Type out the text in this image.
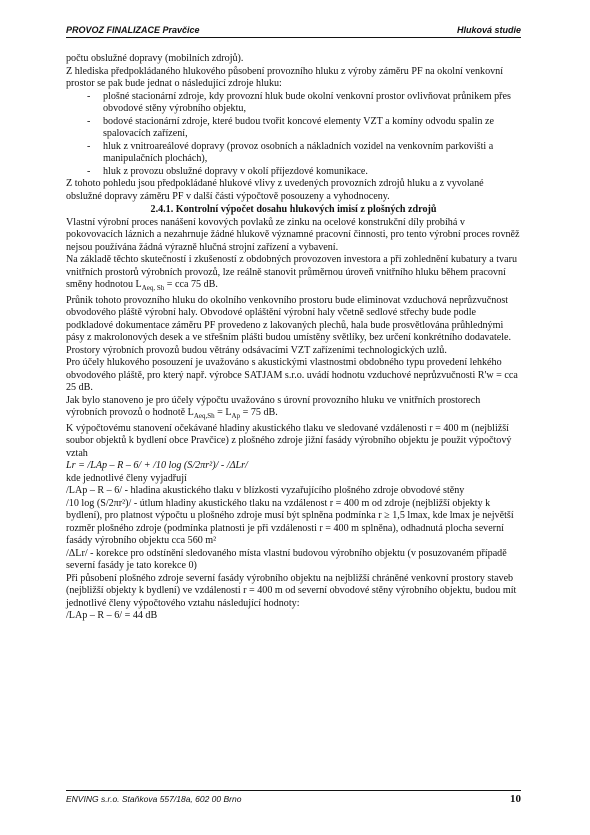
PROVOZ FINALIZACE Pravčice	Hluková studie

počtu obslužné dopravy (mobilních zdrojů).

Z hlediska předpokládaného hlukového působení provozního hluku z výroby záměru PF na okolní venkovní prostor se pak bude jednat o následující zdroje hluku:

- plošné stacionární zdroje, kdy provozní hluk bude okolní venkovní prostor ovlivňovat průnikem přes obvodové stěny výrobního objektu,
- bodové stacionární zdroje, které budou tvořit koncové elementy VZT a komíny odvodu spalin ze spalovacích zařízení,
- hluk z vnitroareálové dopravy (provoz osobních a nákladních vozidel na venkovním parkovišti a manipulačních plochách),
- hluk z provozu obslužné dopravy v okolí příjezdové komunikace.

Z tohoto pohledu jsou předpokládané hlukové vlivy z uvedených provozních zdrojů hluku a z vyvolané obslužné dopravy záměru PF v další části výpočtově posouzeny a vyhodnoceny.

2.4.1. Kontrolní výpočet dosahu hlukových imisí z plošných zdrojů

Vlastní výrobní proces nanášení kovových povlaků ze zinku na ocelové konstrukční díly probíhá v pokovovacích láznich a nezahrnuje žádné hlukově významné pracovní činnosti, pro tento výrobní proces rovněž nejsou používána žádná výrazně hlučná strojní zařízení a vybavení.

Na základě těchto skutečností i zkušeností z obdobných provozoven investora a při zohlednění kubatury a tvaru vnitřních prostorů výrobních provozů, lze reálně stanovit průměrnou úroveň vnitřního hluku během pracovní směny hodnotou $L_{Aeq, Sh}$ = cca 75 dB.

Průnik tohoto provozního hluku do okolního venkovního prostoru bude eliminovat vzduchová neprůzvučnost obvodového pláště výrobní haly. Obvodové opláštění výrobní haly včetně sedlové střechy bude podle podkladové dokumentace záměru PF provedeno z lakovaných plechů, hala bude prosvětlována průhlednými pásy z makrolonových desek a ve střešním plášti budou umístěny světlíky, bez určení konkrétního dodavatele. Prostory výrobních provozů budou větrány odsávacími VZT zařízeními technologických uzlů.

Pro účely hlukového posouzení je uvažováno s akustickými vlastnostmi obdobného typu provedení lehkého obvodového pláště, pro který např. výrobce SATJAM s.r.o. uvádí hodnotu vzduchové neprůzvučnosti R'w = cca 25 dB.

Jak bylo stanoveno je pro účely výpočtu uvažováno s úrovní provozního hluku ve vnitřních prostorech výrobních provozů o hodnotě $L_{Aeq,Sh} = L_{Ap} = 75$ dB.

K výpočtovému stanovení očekávané hladiny akustického tlaku ve sledované vzdálenosti r = 400 m (nejbližší soubor objektů k bydlení obce Pravčice) z plošného zdroje jižní fasády výrobního objektu je použit výpočtový vztah

Lr = /LAp – R – 6/ + /10 log (S/2πr²)/ - /ΔLr/

kde jednotlivé členy vyjadřují

/LAp – R – 6/ - hladina akustického tlaku v blízkosti vyzařujícího plošného zdroje obvodové stěny

/10 log (S/2πr²)/ - útlum hladiny akustického tlaku na vzdálenost r = 400 m od zdroje (nejbližší objekty k bydlení), pro platnost výpočtu u plošného zdroje musí být splněna podmínka r ≥ 1,5 lmax, kde lmax je největší rozměr plošného zdroje (podmínka platnosti je při vzdálenosti r = 400 m splněna), odhadnutá plocha severní fasády výrobního objektu cca 560 m²

/ΔLr/ - korekce pro odstínění sledovaného místa vlastní budovou výrobního objektu (v posuzovaném případě severní fasády je tato korekce 0)

Při působení plošného zdroje severní fasády výrobního objektu na nejbližší chráněné venkovní prostory staveb (nejbližší objekty k bydlení) ve vzdálenosti r = 400 m od severní obvodové stěny výrobního objektu, budou mít jednotlivé členy výpočtového vztahu následující hodnoty:

/LAp – R – 6/ = 44 dB

ENVING s.r.o. Staňkova 557/18a, 602 00 Brno	10
